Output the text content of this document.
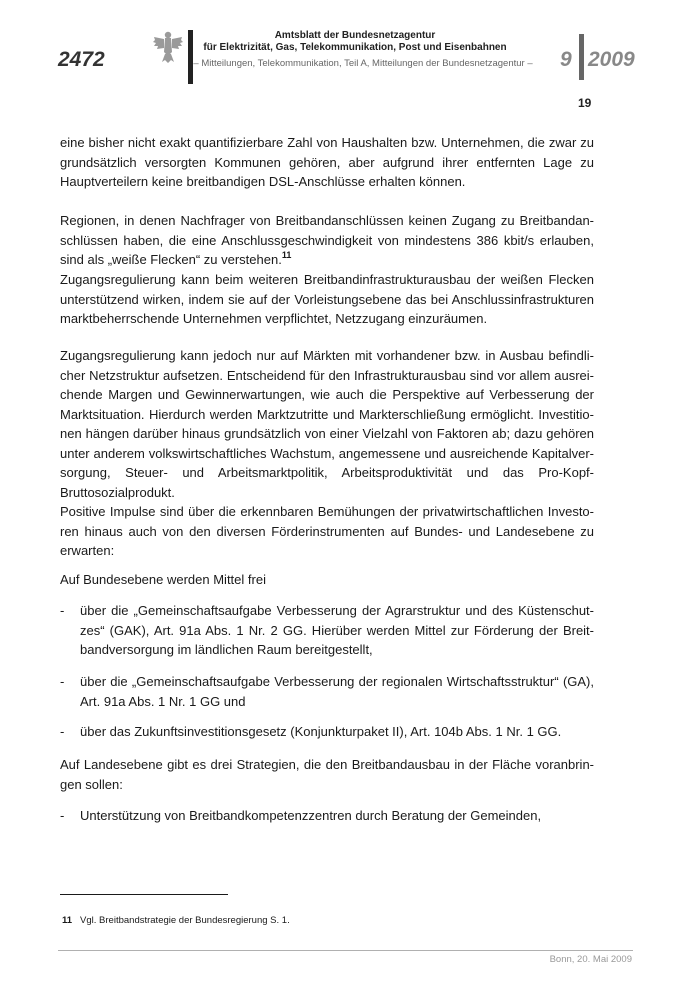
2472
Amtsblatt der Bundesnetzagentur
für Elektrizität, Gas, Telekommunikation, Post und Eisenbahnen
– Mitteilungen, Telekommunikation, Teil A, Mitteilungen der Bundesnetzagentur – 9 2009
19
eine bisher nicht exakt quantifizierbare Zahl von Haushalten bzw. Unternehmen, die zwar zu grundsätzlich versorgten Kommunen gehören, aber aufgrund ihrer entfernten Lage zu Hauptverteilern keine breitbandigen DSL-Anschlüsse erhalten können.
Regionen, in denen Nachfrager von Breitbandanschlüssen keinen Zugang zu Breitbandan-schlüssen haben, die eine Anschlussgeschwindigkeit von mindestens 386 kbit/s erlauben, sind als „weiße Flecken“ zu verstehen.$^{11}$
Zugangsregulierung kann beim weiteren Breitbandinfrastrukturausbau der weißen Flecken unterstützend wirken, indem sie auf der Vorleistungsebene das bei Anschlussinfrastrukturen marktbeherrschende Unternehmen verpflichtet, Netzzugang einzuräumen.
Zugangsregulierung kann jedoch nur auf Märkten mit vorhandener bzw. in Ausbau befindli-cher Netzstruktur aufsetzen. Entscheidend für den Infrastrukturausbau sind vor allem ausrei-chende Margen und Gewinnerwartungen, wie auch die Perspektive auf Verbesserung der Marktsituation. Hierdurch werden Marktzutritte und Markterschließung ermöglicht. Investitio-nen hängen darüber hinaus grundsätzlich von einer Vielzahl von Faktoren ab; dazu gehören unter anderem volkswirtschaftliches Wachstum, angemessene und ausreichende Kapitalver-sorgung, Steuer- und Arbeitsmarktpolitik, Arbeitsproduktivität und das Pro-Kopf-Bruttosozialprodukt.
Positive Impulse sind über die erkennbaren Bemühungen der privatwirtschaftlichen Investo-ren hinaus auch von den diversen Förderinstrumenten auf Bundes- und Landesebene zu erwarten:
Auf Bundesebene werden Mittel frei
- über die „Gemeinschaftsaufgabe Verbesserung der Agrarstruktur und des Küstenschut-zes“ (GAK), Art. 91a Abs. 1 Nr. 2 GG. Hierüber werden Mittel zur Förderung der Breit-bandversorgung im ländlichen Raum bereitgestellt,
- über die „Gemeinschaftsaufgabe Verbesserung der regionalen Wirtschaftsstruktur“ (GA), Art. 91a Abs. 1 Nr. 1 GG und
- über das Zukunftsinvestitionsgesetz (Konjunkturpaket II), Art. 104b Abs. 1 Nr. 1 GG.
Auf Landesebene gibt es drei Strategien, die den Breitbandausbau in der Fläche voranbrin-gen sollen:
- Unterstützung von Breitbandkompetenzzentren durch Beratung der Gemeinden,
11 Vgl. Breitbandstrategie der Bundesregierung S. 1.
Bonn, 20. Mai 2009
